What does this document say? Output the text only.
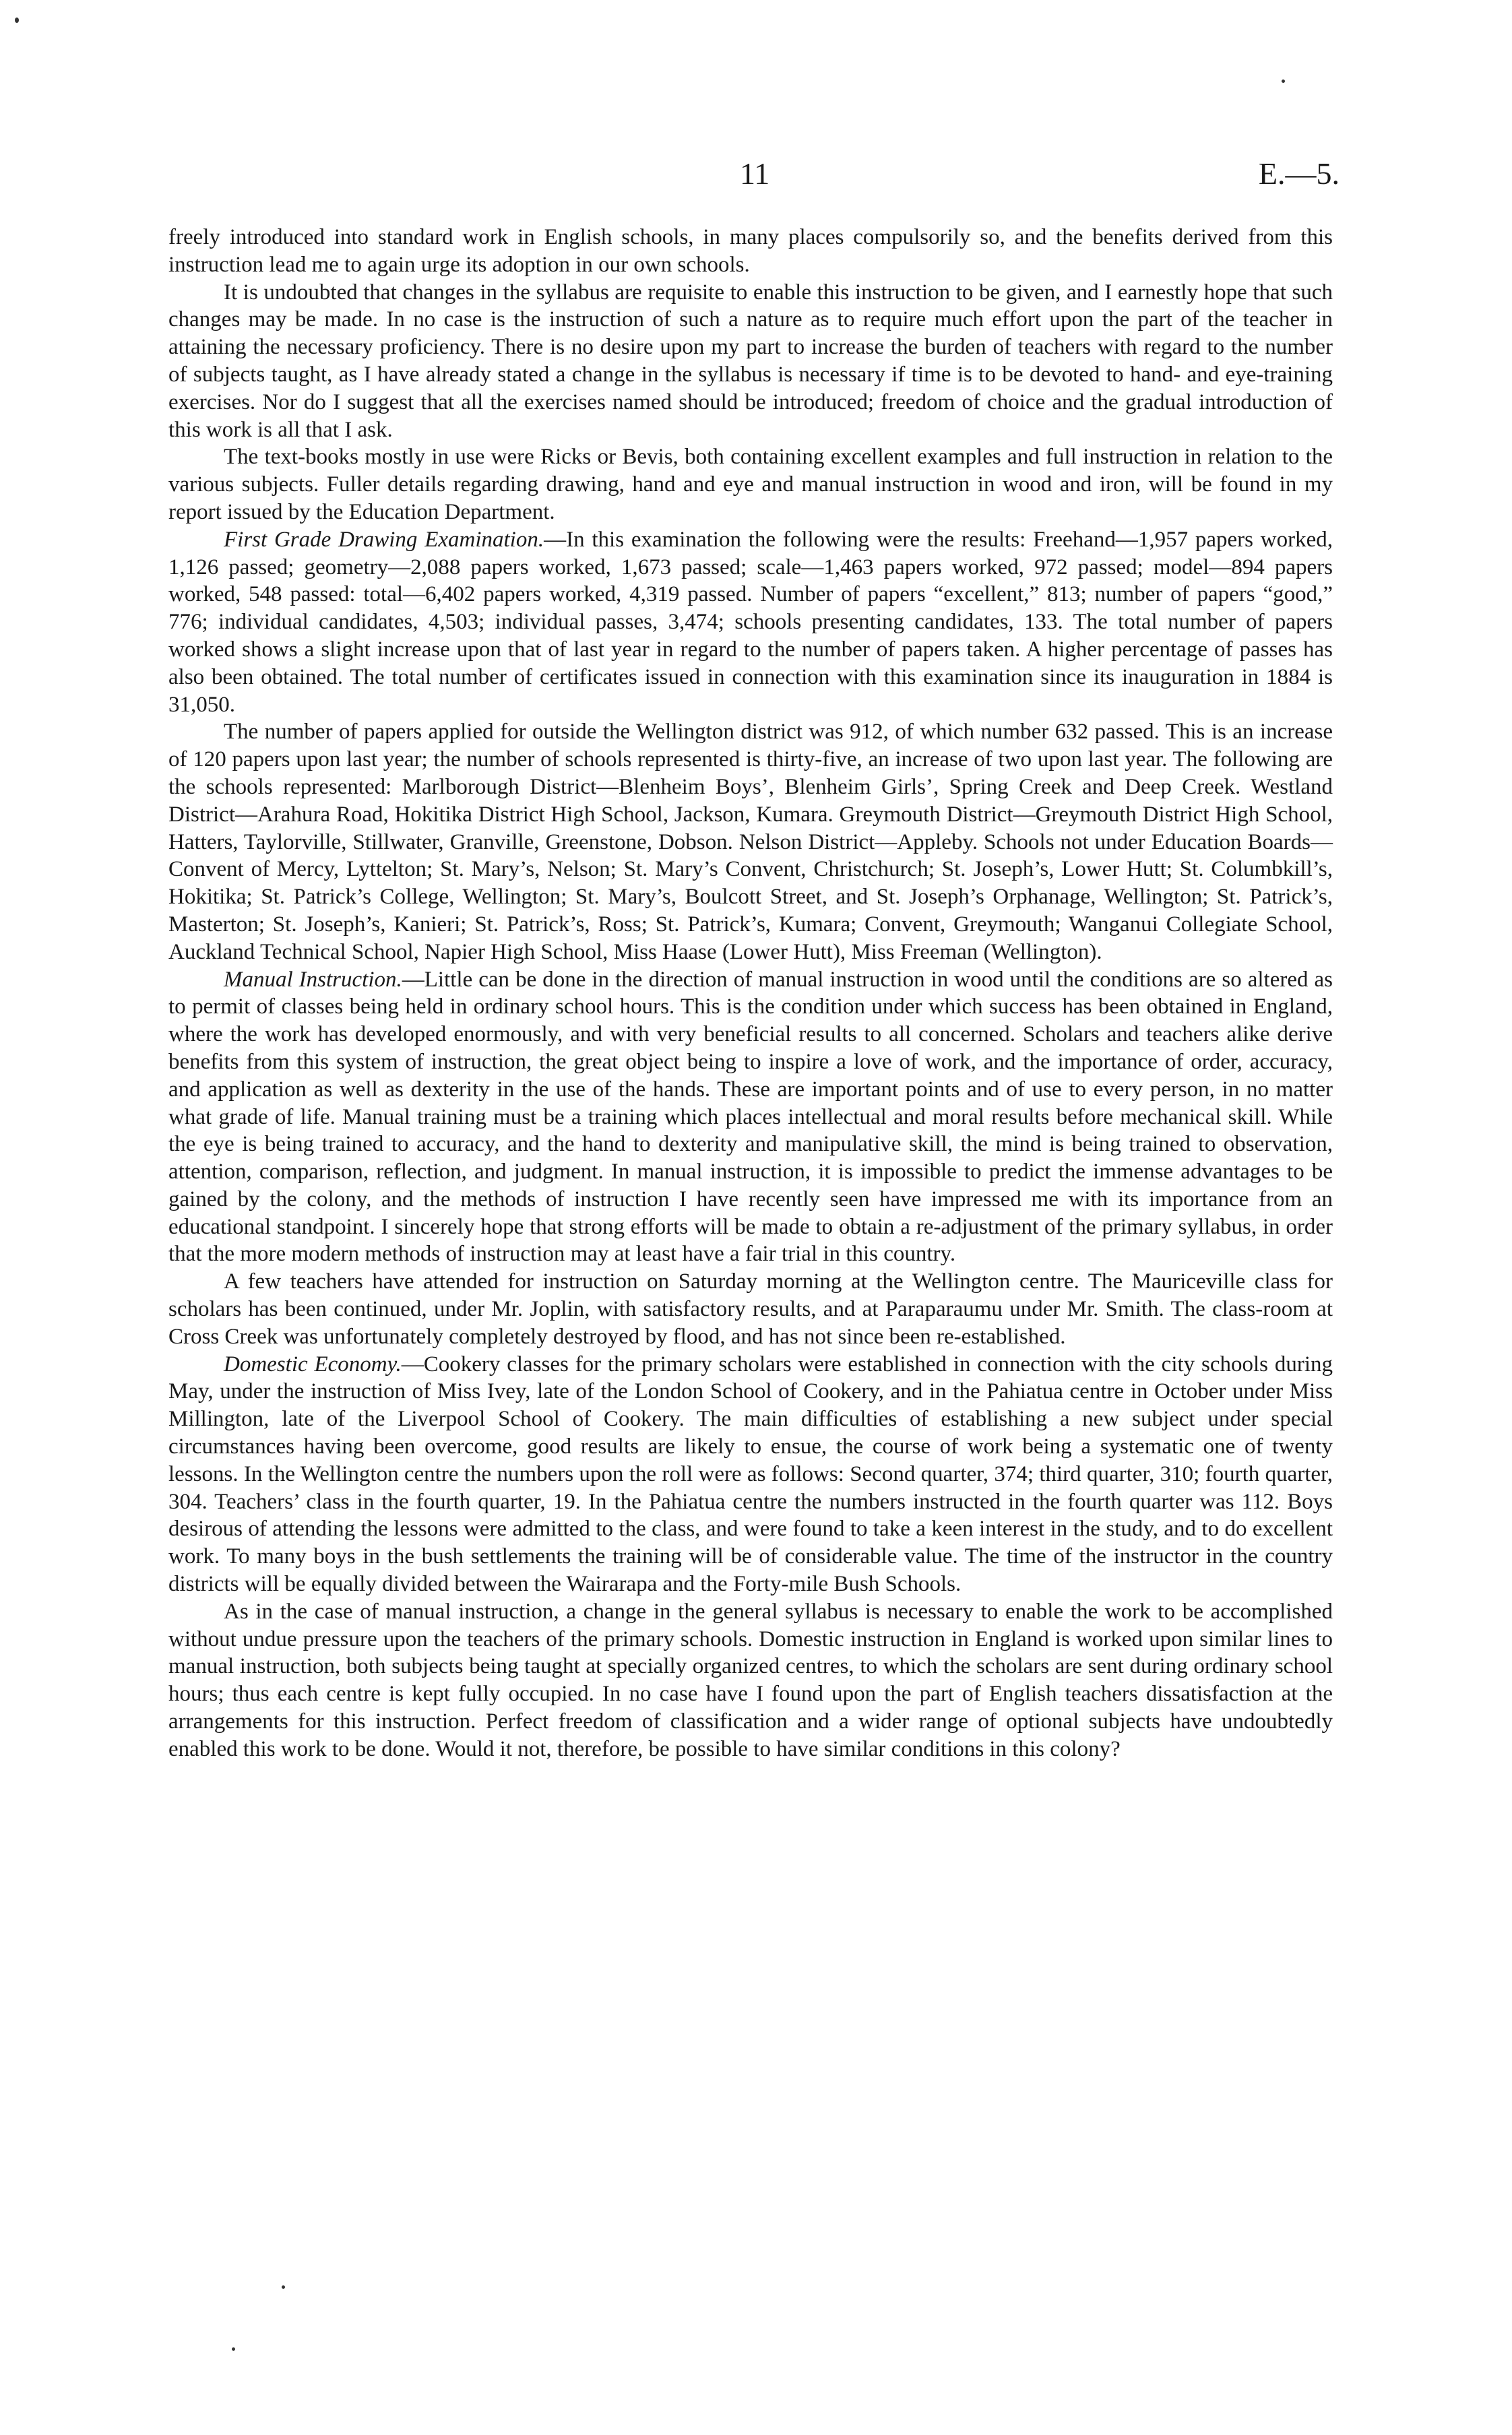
11	E.—5.

freely introduced into standard work in English schools, in many places compulsorily so, and the benefits derived from this instruction lead me to again urge its adoption in our own schools.

It is undoubted that changes in the syllabus are requisite to enable this instruction to be given, and I earnestly hope that such changes may be made. In no case is the instruction of such a nature as to require much effort upon the part of the teacher in attaining the necessary proficiency. There is no desire upon my part to increase the burden of teachers with regard to the number of subjects taught, as I have already stated a change in the syllabus is necessary if time is to be devoted to hand- and eye-training exercises. Nor do I suggest that all the exercises named should be introduced; freedom of choice and the gradual introduction of this work is all that I ask.

The text-books mostly in use were Ricks or Bevis, both containing excellent examples and full instruction in relation to the various subjects. Fuller details regarding drawing, hand and eye and manual instruction in wood and iron, will be found in my report issued by the Education Department.

First Grade Drawing Examination.—In this examination the following were the results: Freehand—1,957 papers worked, 1,126 passed; geometry—2,088 papers worked, 1,673 passed; scale—1,463 papers worked, 972 passed; model—894 papers worked, 548 passed: total—6,402 papers worked, 4,319 passed. Number of papers “excellent,” 813; number of papers “good,” 776; individual candidates, 4,503; individual passes, 3,474; schools presenting candidates, 133. The total number of papers worked shows a slight increase upon that of last year in regard to the number of papers taken. A higher percentage of passes has also been obtained. The total number of certificates issued in connection with this examination since its inauguration in 1884 is 31,050.

The number of papers applied for outside the Wellington district was 912, of which number 632 passed. This is an increase of 120 papers upon last year; the number of schools represented is thirty-five, an increase of two upon last year. The following are the schools represented: Marlborough District—Blenheim Boys’, Blenheim Girls’, Spring Creek and Deep Creek. Westland District—Arahura Road, Hokitika District High School, Jackson, Kumara. Greymouth District—Greymouth District High School, Hatters, Taylorville, Stillwater, Granville, Greenstone, Dobson. Nelson District—Appleby. Schools not under Education Boards—Convent of Mercy, Lyttelton; St. Mary’s, Nelson; St. Mary’s Convent, Christchurch; St. Joseph’s, Lower Hutt; St. Columbkill’s, Hokitika; St. Patrick’s College, Wellington; St. Mary’s, Boulcott Street, and St. Joseph’s Orphanage, Wellington; St. Patrick’s, Masterton; St. Joseph’s, Kanieri; St. Patrick’s, Ross; St. Patrick’s, Kumara; Convent, Greymouth; Wanganui Collegiate School, Auckland Technical School, Napier High School, Miss Haase (Lower Hutt), Miss Freeman (Wellington).

Manual Instruction.—Little can be done in the direction of manual instruction in wood until the conditions are so altered as to permit of classes being held in ordinary school hours. This is the condition under which success has been obtained in England, where the work has developed enormously, and with very beneficial results to all concerned. Scholars and teachers alike derive benefits from this system of instruction, the great object being to inspire a love of work, and the importance of order, accuracy, and application as well as dexterity in the use of the hands. These are important points and of use to every person, in no matter what grade of life. Manual training must be a training which places intellectual and moral results before mechanical skill. While the eye is being trained to accuracy, and the hand to dexterity and manipulative skill, the mind is being trained to observation, attention, comparison, reflection, and judgment. In manual instruction, it is impossible to predict the immense advantages to be gained by the colony, and the methods of instruction I have recently seen have impressed me with its importance from an educational standpoint. I sincerely hope that strong efforts will be made to obtain a re-adjustment of the primary syllabus, in order that the more modern methods of instruction may at least have a fair trial in this country.

A few teachers have attended for instruction on Saturday morning at the Wellington centre. The Mauriceville class for scholars has been continued, under Mr. Joplin, with satisfactory results, and at Paraparaumu under Mr. Smith. The class-room at Cross Creek was unfortunately completely destroyed by flood, and has not since been re-established.

Domestic Economy.—Cookery classes for the primary scholars were established in connection with the city schools during May, under the instruction of Miss Ivey, late of the London School of Cookery, and in the Pahiatua centre in October under Miss Millington, late of the Liverpool School of Cookery. The main difficulties of establishing a new subject under special circumstances having been overcome, good results are likely to ensue, the course of work being a systematic one of twenty lessons. In the Wellington centre the numbers upon the roll were as follows: Second quarter, 374; third quarter, 310; fourth quarter, 304. Teachers’ class in the fourth quarter, 19. In the Pahiatua centre the numbers instructed in the fourth quarter was 112. Boys desirous of attending the lessons were admitted to the class, and were found to take a keen interest in the study, and to do excellent work. To many boys in the bush settlements the training will be of considerable value. The time of the instructor in the country districts will be equally divided between the Wairarapa and the Forty-mile Bush Schools.

As in the case of manual instruction, a change in the general syllabus is necessary to enable the work to be accomplished without undue pressure upon the teachers of the primary schools. Domestic instruction in England is worked upon similar lines to manual instruction, both subjects being taught at specially organized centres, to which the scholars are sent during ordinary school hours; thus each centre is kept fully occupied. In no case have I found upon the part of English teachers dissatisfaction at the arrangements for this instruction. Perfect freedom of classification and a wider range of optional subjects have undoubtedly enabled this work to be done. Would it not, therefore, be possible to have similar conditions in this colony?
